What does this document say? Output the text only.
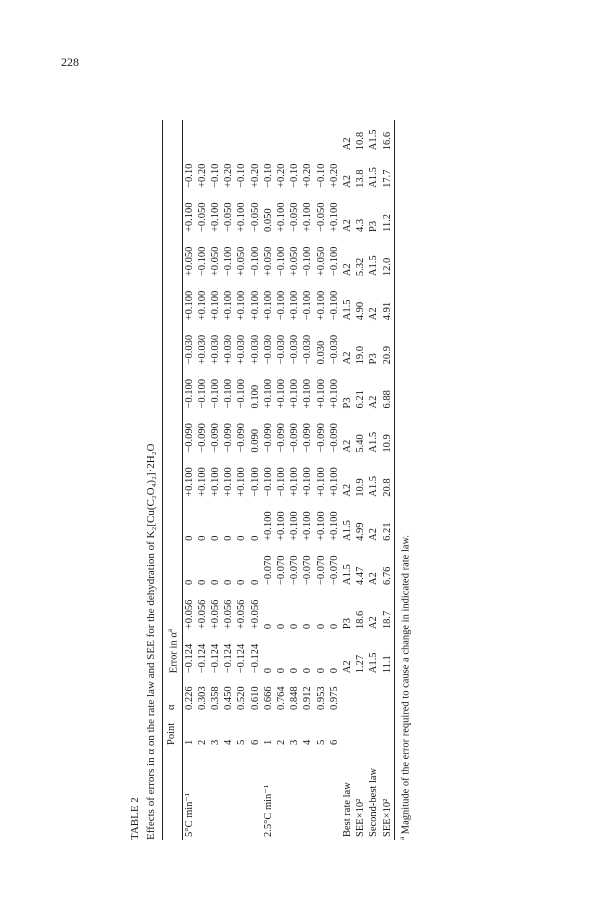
228

TABLE 2 Effects of errors in α on the rate law and SEE for the dehydration of K₂[Cu(C₂O₄)₂]·2H₂O

	Point	α	Error in $\alpha^a$
5°C min⁻¹	1	0.226	−0.124	+0.056	0	0	+0.100	−0.090	−0.100	−0.030	+0.100	+0.050	+0.100	−0.10	
	2	0.303	−0.124	+0.056	0	0	+0.100	−0.090	−0.100	+0.030	+0.100	−0.100	−0.050	+0.20	
	3	0.358	−0.124	+0.056	0	0	+0.100	−0.090	−0.100	+0.030	+0.100	+0.050	+0.100	−0.10	
	4	0.450	−0.124	+0.056	0	0	+0.100	−0.090	−0.100	+0.030	+0.100	−0.100	−0.050	+0.20	
	5	0.520	−0.124	+0.056	0	0	+0.100	−0.090	−0.100	+0.030	+0.100	+0.050	+0.100	−0.10	
	6	0.610	−0.124	+0.056	0	0	−0.100	0.090	0.100	+0.030	+0.100	−0.100	−0.050	+0.20	
2.5°C min⁻¹	1	0.666	0	0	−0.070	+0.100	−0.100	−0.090	+0.100	−0.030	+0.100	+0.050	0.050	−0.10	
	2	0.764	0	0	−0.070	+0.100	−0.100	−0.090	+0.100	−0.030	−0.100	−0.100	+0.100	+0.20	
	3	0.848	0	0	−0.070	+0.100	+0.100	−0.090	+0.100	−0.030	+0.100	+0.050	−0.050	−0.10	
	4	0.912	0	0	−0.070	+0.100	+0.100	−0.090	+0.100	−0.030	−0.100	−0.100	+0.100	+0.20	
	5	0.953	0	0	−0.070	+0.100	+0.100	−0.090	+0.100	0.030	+0.100	+0.050	−0.050	−0.10	
	6	0.975	0	0	−0.070	+0.100	+0.100	−0.090	+0.100	−0.030	−0.100	−0.100	+0.100	+0.20	
Best rate law			A2	P3	A1.5	A1.5	A2	A2	P3	A2	A1.5	A2	A2	A2	A2
SEE×10²			1.27	18.6	4.47	4.99	10.9	5.40	6.21	19.0	4.90	5.32	4.3	13.8	10.8
Second-best law			A1.5	A2	A2	A2	A1.5	A1.5	A2	P3	A2	A1.5	P3	A1.5	A1.5
SEE×10²			11.1	18.7	6.76	6.21	20.8	10.9	6.88	20.9	4.91	12.0	11.2	17.7	16.6
$^a$ Magnitude of the error required to cause a change in indicated rate law.
